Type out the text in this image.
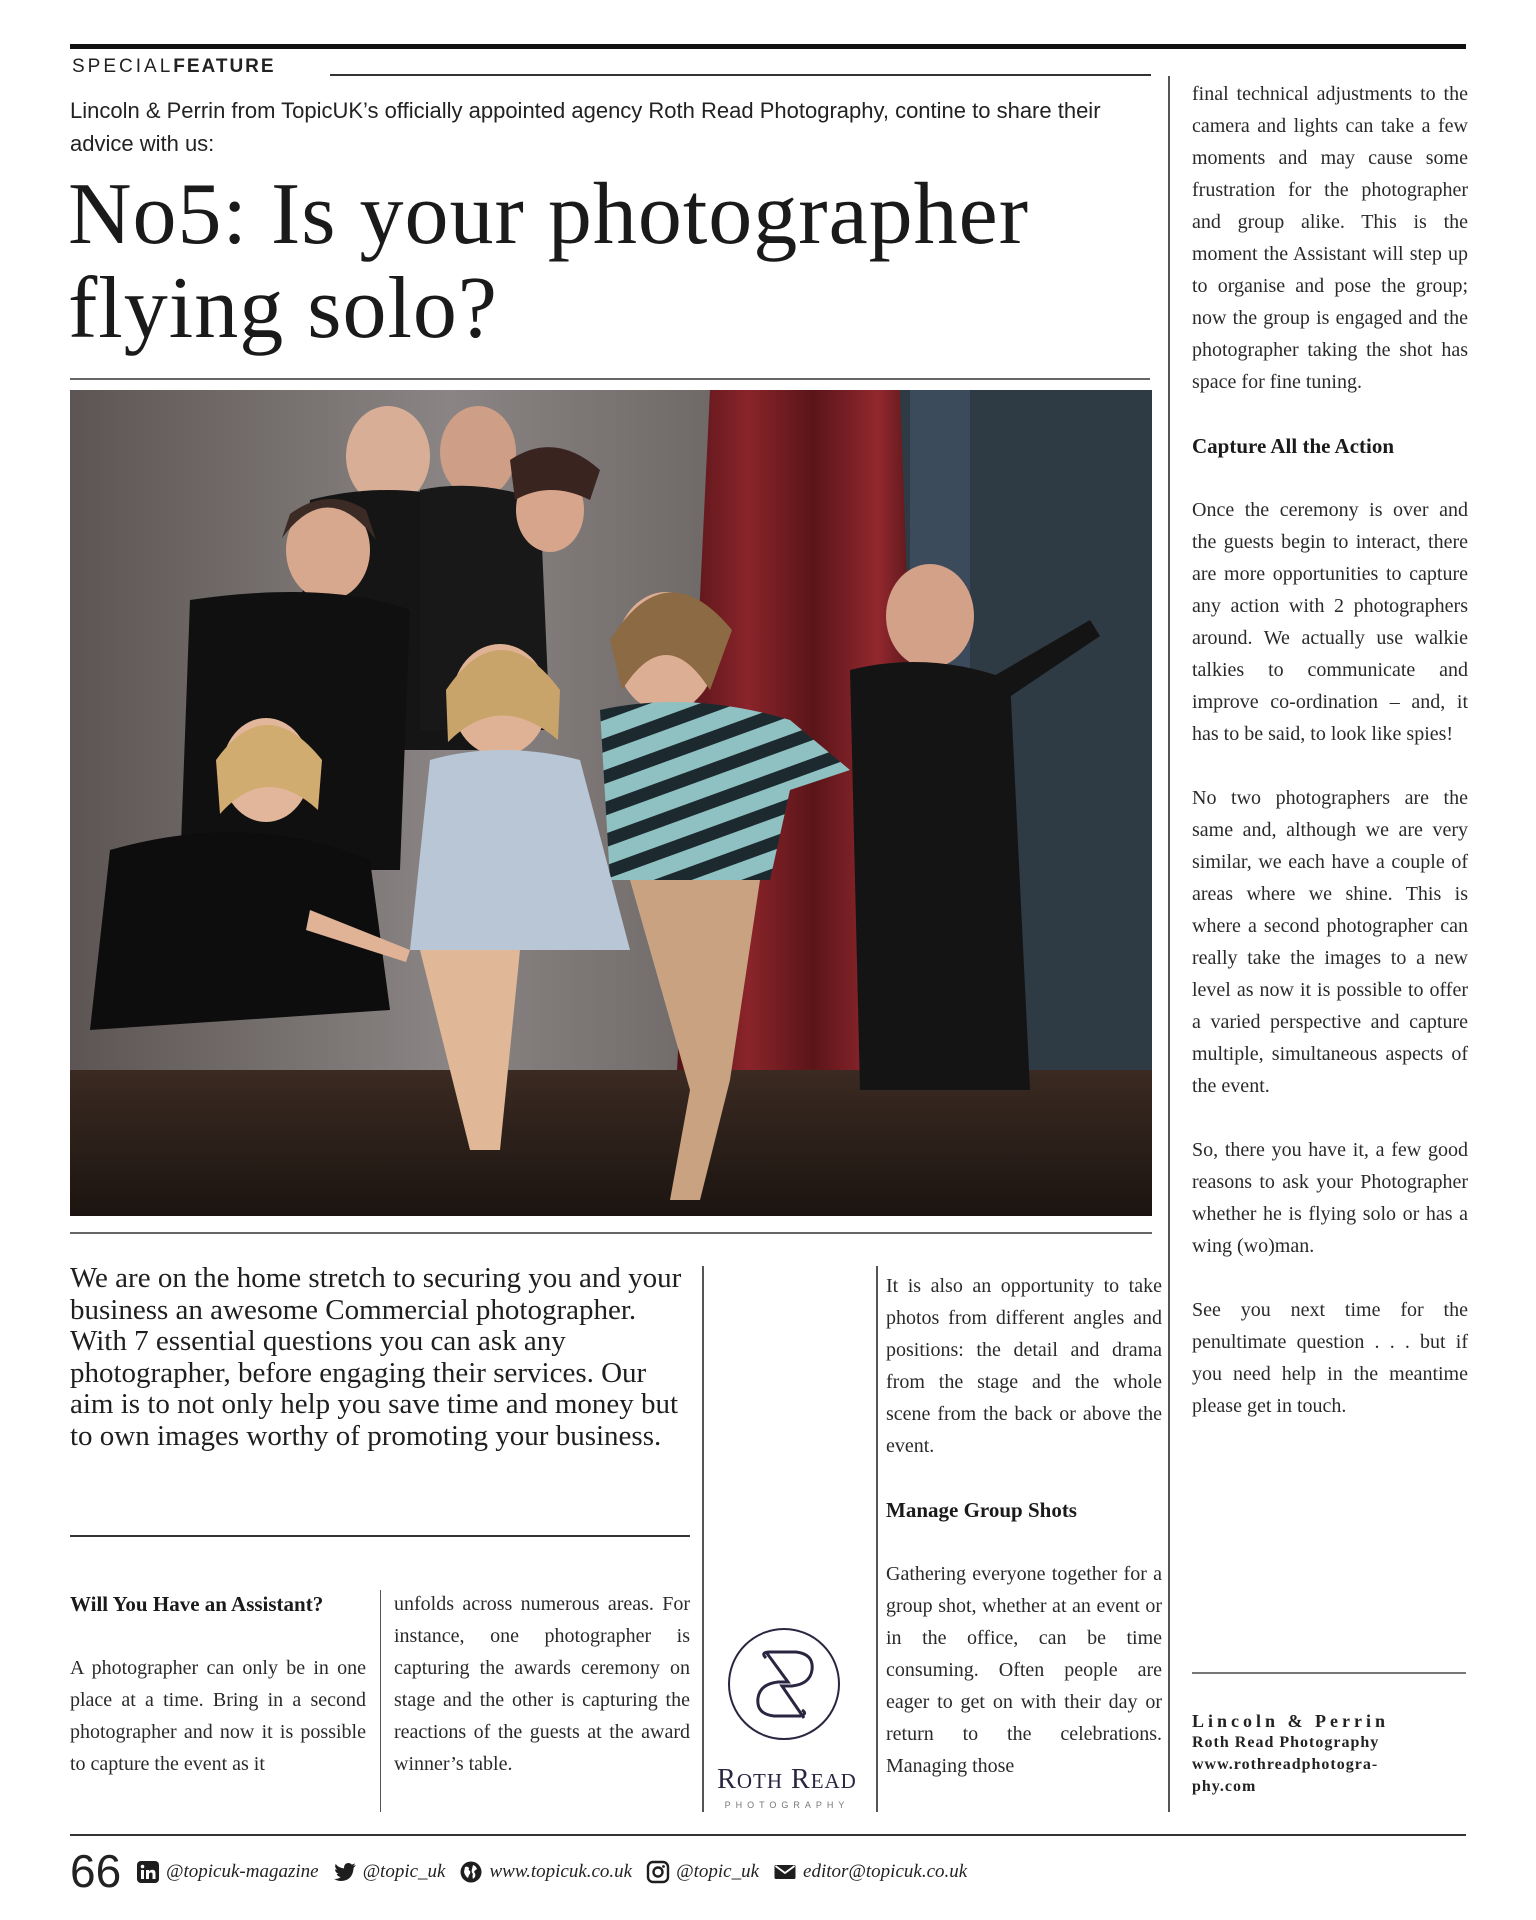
SPECIALFEATURE
Lincoln & Perrin from TopicUK’s officially appointed agency Roth Read Photography, contine to share their advice with us:
No5: Is your photographer
flying solo?
We are on the home stretch to securing you and your business an awesome Commercial photographer. With 7 essential questions you can ask any photographer, before engaging their services. Our aim is to not only help you save time and money but to own images worthy of promoting your business.
Will You Have an Assistant?

A photographer can only be in one place at a time. Bring in a second photographer and now it is possible to capture the event as it

unfolds across numerous areas. For instance, one photographer is capturing the awards ceremony on stage and the other is capturing the reactions of the guests at the award winner’s table.	ROTH READ
PHOTOGRAPHY

It is also an opportunity to take photos from different angles and positions: the detail and drama from the stage and the whole scene from the back or above the event.

Manage Group Shots

Gathering everyone together for a group shot, whether at an event or in the office, can be time consuming. Often people are eager to get on with their day or return to the celebrations. Managing those

final technical adjustments to the camera and lights can take a few moments and may cause some frustration for the photographer and group alike. This is the moment the Assistant will step up to organise and pose the group; now the group is engaged and the photographer taking the shot has space for fine tuning.

Capture All the Action

Once the ceremony is over and the guests begin to interact, there are more opportunities to capture any action with 2 photographers around. We actually use walkie talkies to communicate and improve co-ordination – and, it has to be said, to look like spies!

No two photographers are the same and, although we are very similar, we each have a couple of areas where we shine. This is where a second photographer can really take the images to a new level as now it is possible to offer a varied perspective and capture multiple, simultaneous aspects of the event.

So, there you have it, a few good reasons to ask your Photographer whether he is flying solo or has a wing (wo)man.

See you next time for the penultimate question . . . but if you need help in the meantime please get in touch.

Lincoln & Perrin
Roth Read Photography
www.rothreadphotogra-
phy.com
66 @topicuk-magazine @topic_uk www.topicuk.co.uk @topic_uk editor@topicuk.co.uk
